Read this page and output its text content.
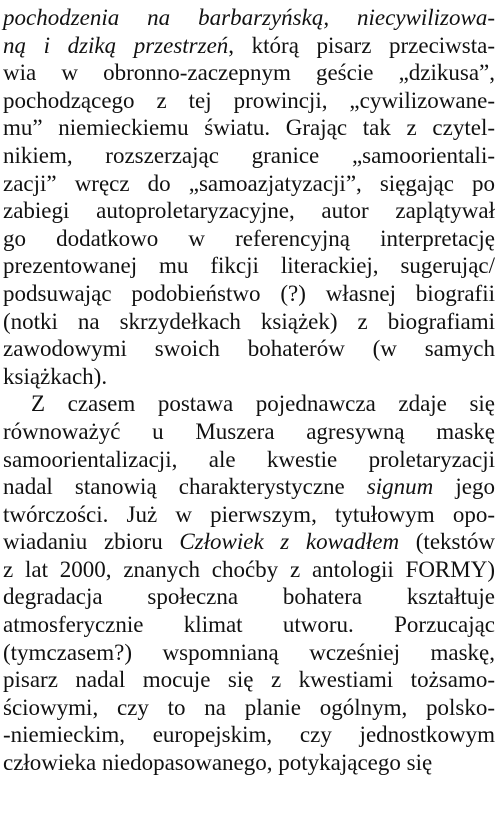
pochodzenia na barbarzyńską, niecywilizowa-
ną i dziką przestrzeń, którą pisarz przeciwsta-
wia w obronno-zaczepnym geście „dzikusa”,
pochodzącego z tej prowincji, „cywilizowane-
mu” niemieckiemu światu. Grając tak z czytel-
nikiem, rozszerzając granice „samoorientali-
zacji” wręcz do „samoazjatyzacji”, sięgając po
zabiegi autoproletaryzacyjne, autor zaplątywał
go dodatkowo w referencyjną interpretację
prezentowanej mu fikcji literackiej, sugerując/
podsuwając podobieństwo (?) własnej biografii
(notki na skrzydełkach książek) z biografiami
zawodowymi swoich bohaterów (w samych
książkach).
Z czasem postawa pojednawcza zdaje się
równoważyć u Muszera agresywną maskę
samoorientalizacji, ale kwestie proletaryzacji
nadal stanowią charakterystyczne signum jego
twórczości. Już w pierwszym, tytułowym opo-
wiadaniu zbioru Człowiek z kowadłem (tekstów
z lat 2000, znanych choćby z antologii FORMY)
degradacja społeczna bohatera kształtuje
atmosferycznie klimat utworu. Porzucając
(tymczasem?) wspomnianą wcześniej maskę,
pisarz nadal mocuje się z kwestiami tożsamo-
ściowymi, czy to na planie ogólnym, polsko-
-niemieckim, europejskim, czy jednostkowym
człowieka niedopasowanego, potykającego się
